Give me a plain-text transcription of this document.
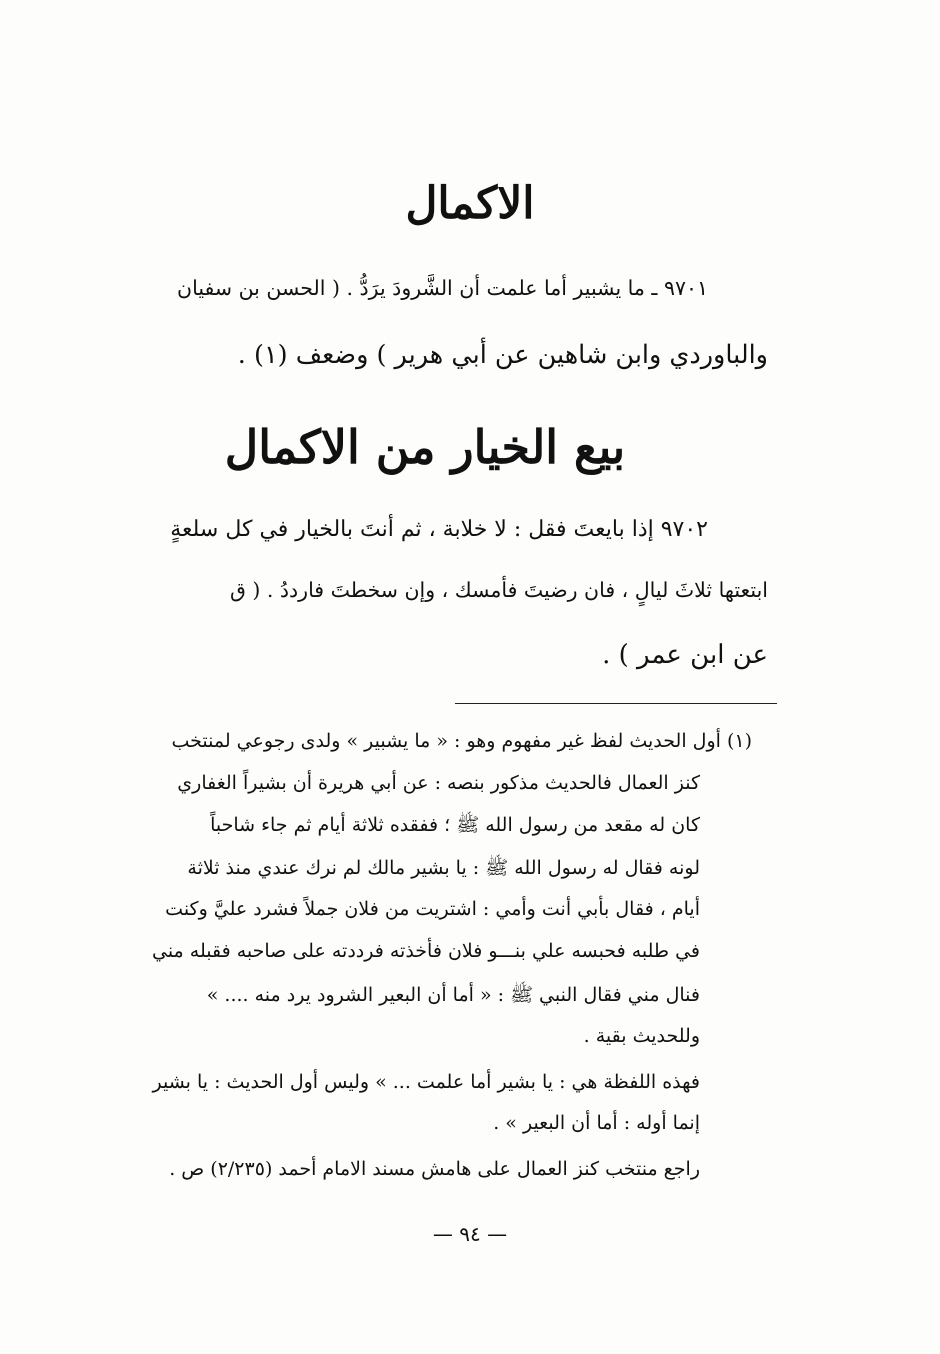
الاكمال
٩٧٠١ ـ ما يشبير أما علمت أن الشَّرودَ يرَدُّ . ( الحسن بن سفيان
والباوردي وابن شاهين عن أبي هرير ) وضعف (١) .
بيع الخيار من الاكمال
٩٧٠٢ إذا بايعتَ فقل : لا خلابة ، ثم أنتَ بالخيار في كل سلعةٍ
ابتعتها ثلاثَ ليالٍ ، فان رضيتَ فأمسك ، وإن سخطتَ فارددُ . ( ق
عن ابن عمر ) .
(١) أول الحديث لفظ غير مفهوم وهو : « ما يشبير » ولدى رجوعي لمنتخب
كنز العمال فالحديث مذكور بنصه : عن أبي هريرة أن بشيراً الغفاري
كان له مقعد من رسول الله ﷺ ؛ ففقده ثلاثة أيام ثم جاء شاحباً
لونه فقال له رسول الله ﷺ : يا بشير مالك لم نرك عندي منذ ثلاثة
أيام ، فقال بأبي أنت وأمي : اشتريت من فلان جملاً فشرد عليَّ وكنت
في طلبه فحبسه علي بنـــو فلان فأخذته فرددته على صاحبه فقبله مني
فنال مني فقال النبي ﷺ : « أما أن البعير الشرود يرد منه .... »
وللحديث بقية .
فهذه اللفظة هي : يا بشير أما علمت ... » وليس أول الحديث : يا بشير
إنما أوله : أما أن البعير » .
راجع منتخب كنز العمال على هامش مسند الامام أحمد (٢/٢٣٥) ص .
— ٩٤ —
